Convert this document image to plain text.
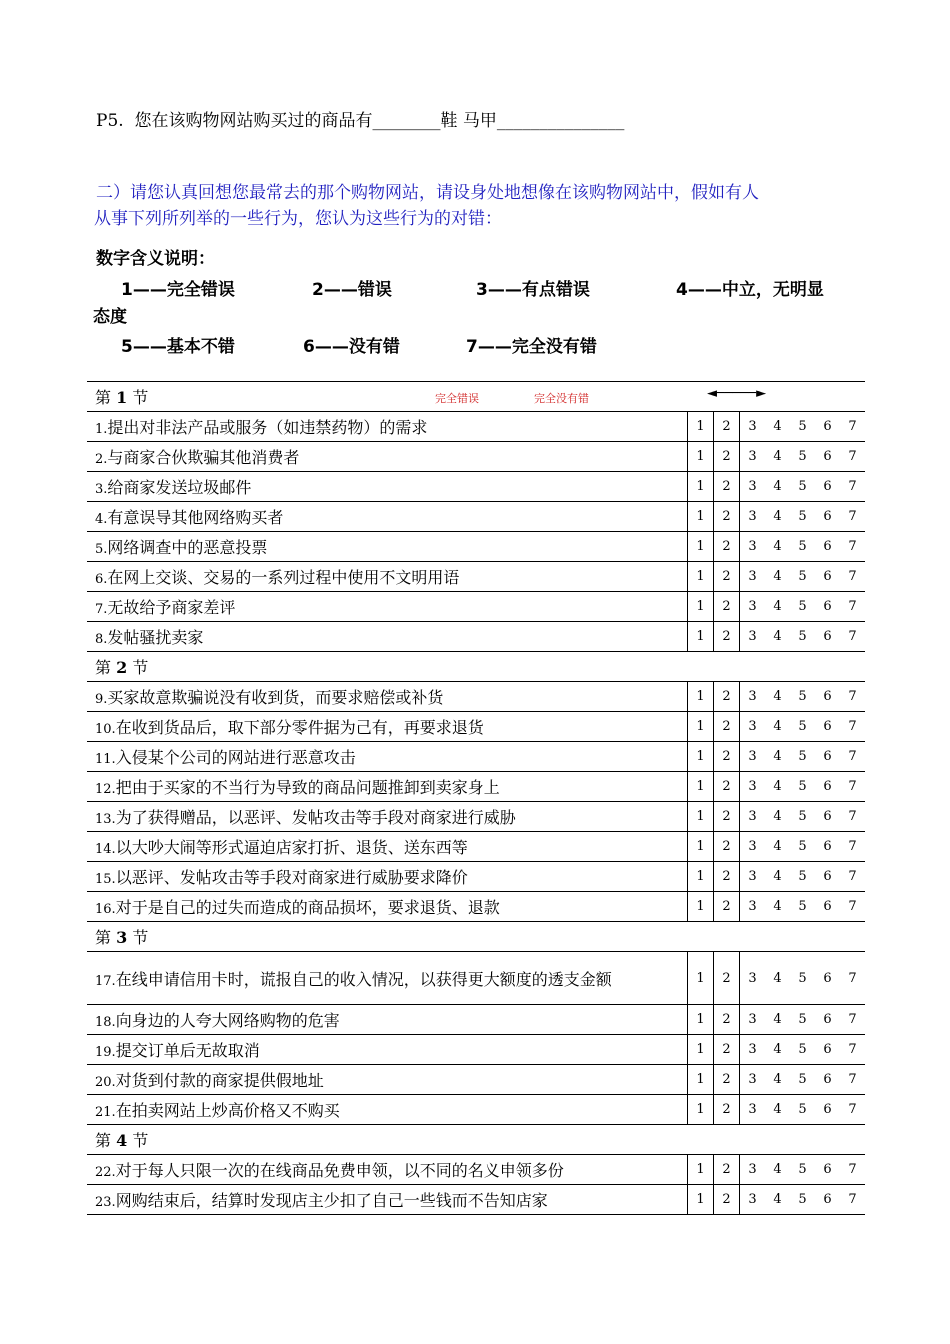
P5.  您在该购物网站购买过的商品有________鞋 马甲_______________
二）请您认真回想您最常去的那个购物网站，请设身处地想像在该购物网站中，假如有人
从事下列所列举的一些行为，您认为这些行为的对错：
数字含义说明：
1——完全错误	2——错误	3——有点错误	4——中立，无明显
态度
5——基本不错	6——没有错	7——完全没有错
第 1 节 完全错误 完全没有错 ◄─────►							

1.提出对非法产品或服务（如违禁药物）的需求	1	2	3	4	5	6	7
2.与商家合伙欺骗其他消费者	1	2	3	4	5	6	7
3.给商家发送垃圾邮件	1	2	3	4	5	6	7
4.有意误导其他网络购买者	1	2	3	4	5	6	7
5.网络调查中的恶意投票	1	2	3	4	5	6	7
6.在网上交谈、交易的一系列过程中使用不文明用语	1	2	3	4	5	6	7
7.无故给予商家差评	1	2	3	4	5	6	7
8.发帖骚扰卖家	1	2	3	4	5	6	7
第 2 节							
9.买家故意欺骗说没有收到货，而要求赔偿或补货	1	2	3	4	5	6	7
10.在收到货品后，取下部分零件据为己有，再要求退货	1	2	3	4	5	6	7
11.入侵某个公司的网站进行恶意攻击	1	2	3	4	5	6	7
12.把由于买家的不当行为导致的商品问题推卸到卖家身上	1	2	3	4	5	6	7
13.为了获得赠品，以恶评、发帖攻击等手段对商家进行威胁	1	2	3	4	5	6	7
14.以大吵大闹等形式逼迫店家打折、退货、送东西等	1	2	3	4	5	6	7
15.以恶评、发帖攻击等手段对商家进行威胁要求降价	1	2	3	4	5	6	7
16.对于是自己的过失而造成的商品损坏，要求退货、退款	1	2	3	4	5	6	7
第 3 节							
17.在线申请信用卡时，谎报自己的收入情况，以获得更大额度的透支金额	1	2	3	4	5	6	7
18.向身边的人夸大网络购物的危害	1	2	3	4	5	6	7
19.提交订单后无故取消	1	2	3	4	5	6	7
20.对货到付款的商家提供假地址	1	2	3	4	5	6	7
21.在拍卖网站上炒高价格又不购买	1	2	3	4	5	6	7
第 4 节							
22.对于每人只限一次的在线商品免费申领，以不同的名义申领多份	1	2	3	4	5	6	7
23.网购结束后，结算时发现店主少扣了自己一些钱而不告知店家	1	2	3	4	5	6	7
